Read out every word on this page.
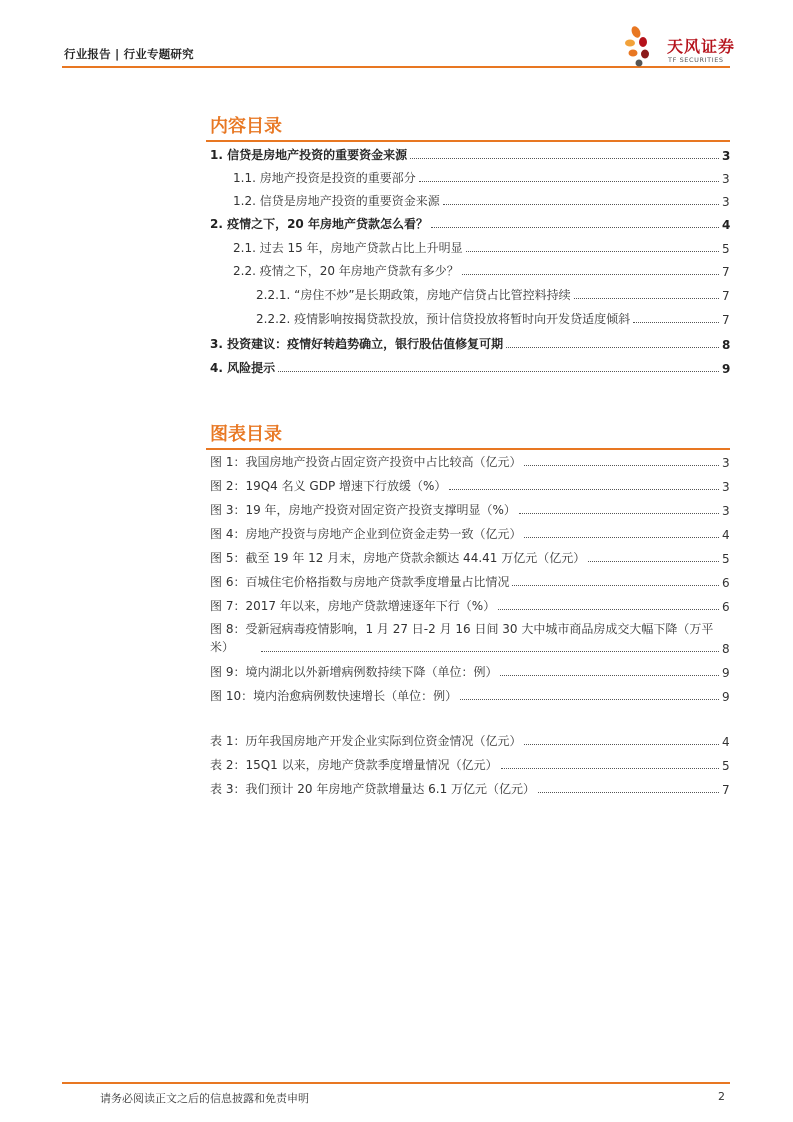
行业报告 | 行业专题研究	天风证券
TF SECURITIES
内容目录
1. 信贷是房地产投资的重要资金来源	3
1.1. 房地产投资是投资的重要部分	3
1.2. 信贷是房地产投资的重要资金来源	3
2. 疫情之下，20 年房地产贷款怎么看？	4
2.1. 过去 15 年，房地产贷款占比上升明显	5
2.2. 疫情之下，20 年房地产贷款有多少？	7
2.2.1. “房住不炒”是长期政策，房地产信贷占比管控料持续	7
2.2.2. 疫情影响按揭贷款投放，预计信贷投放将暂时向开发贷适度倾斜	7
3. 投资建议：疫情好转趋势确立，银行股估值修复可期	8
4. 风险提示	9
图表目录
图 1：我国房地产投资占固定资产投资中占比较高（亿元）	3
图 2：19Q4 名义 GDP 增速下行放缓（%）	3
图 3：19 年，房地产投资对固定资产投资支撑明显（%）	3
图 4：房地产投资与房地产企业到位资金走势一致（亿元）	4
图 5：截至 19 年 12 月末，房地产贷款余额达 44.41 万亿元（亿元）	5
图 6：百城住宅价格指数与房地产贷款季度增量占比情况	6
图 7：2017 年以来，房地产贷款增速逐年下行（%）	6
图 8：受新冠病毒疫情影响，1 月 27 日-2 月 16 日间 30 大中城市商品房成交大幅下降（万平米）	8
图 9：境内湖北以外新增病例数持续下降（单位：例）	9
图 10：境内治愈病例数快速增长（单位：例）	9
表 1：历年我国房地产开发企业实际到位资金情况（亿元）	4
表 2：15Q1 以来，房地产贷款季度增量情况（亿元）	5
表 3：我们预计 20 年房地产贷款增量达 6.1 万亿元（亿元）	7
请务必阅读正文之后的信息披露和免责申明	2
